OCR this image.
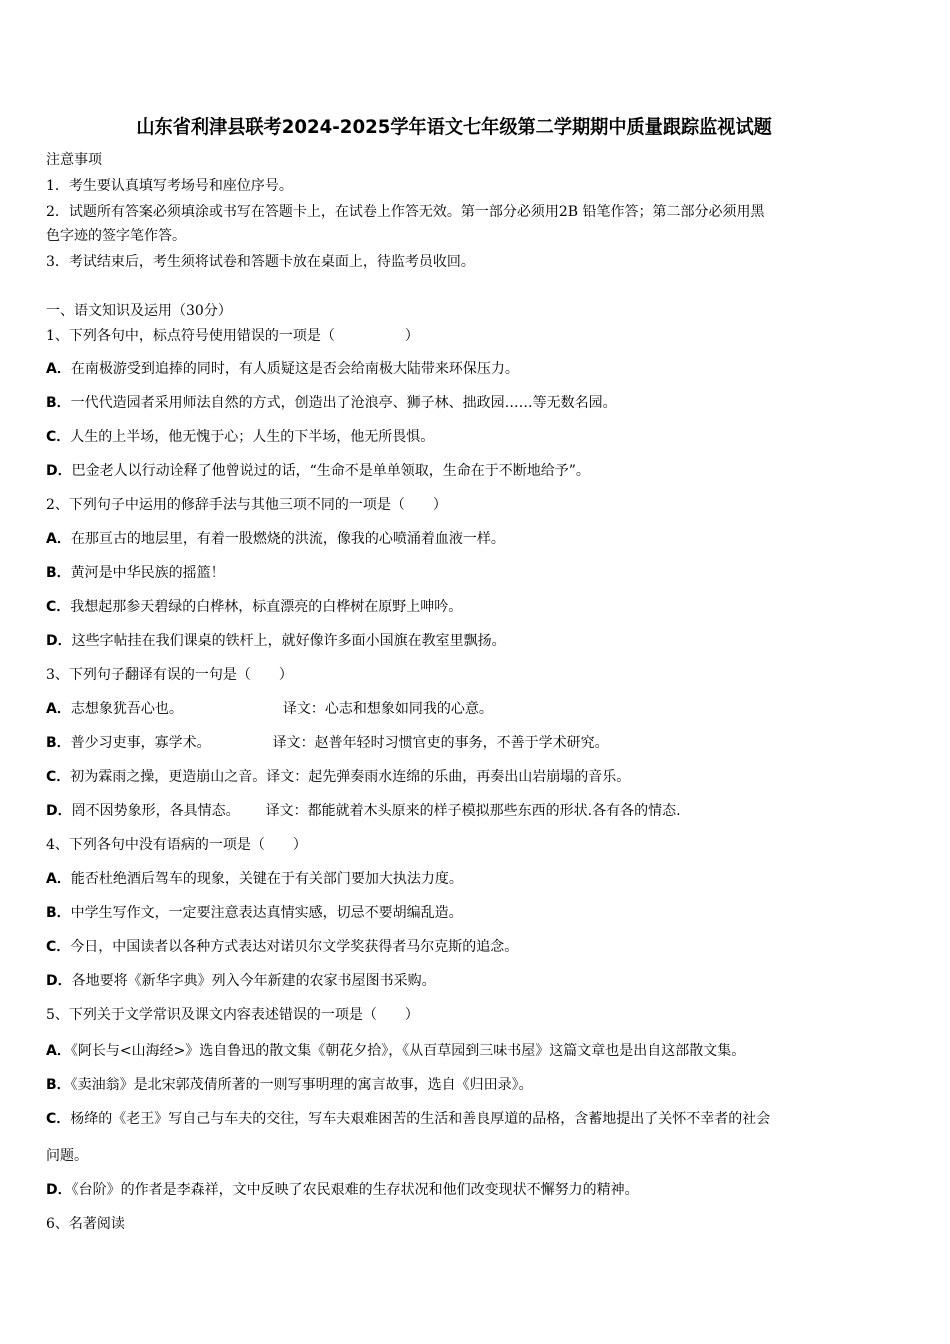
山东省利津县联考2024-2025学年语文七年级第二学期期中质量跟踪监视试题
注意事项
1．考生要认真填写考场号和座位序号。
2．试题所有答案必须填涂或书写在答题卡上，在试卷上作答无效。第一部分必须用2B 铅笔作答；第二部分必须用黑
色字迹的签字笔作答。
3．考试结束后，考生须将试卷和答题卡放在桌面上，待监考员收回。
一、语文知识及运用（30分）
1、下列各句中，标点符号使用错误的一项是（　　　　　）
A．在南极游受到追捧的同时，有人质疑这是否会给南极大陆带来环保压力。
B．一代代造园者采用师法自然的方式，创造出了沧浪亭、狮子林、拙政园……等无数名园。
C．人生的上半场，他无愧于心；人生的下半场，他无所畏惧。
D．巴金老人以行动诠释了他曾说过的话，“生命不是单单领取，生命在于不断地给予”。
2、下列句子中运用的修辞手法与其他三项不同的一项是（　　）
A．在那亘古的地层里，有着一股燃烧的洪流，像我的心喷涌着血液一样。
B．黄河是中华民族的摇篮！
C．我想起那参天碧绿的白桦林，标直漂亮的白桦树在原野上呻吟。
D．这些字帖挂在我们课桌的铁杆上，就好像许多面小国旗在教室里飘扬。
3、下列句子翻译有误的一句是（　　）
A．志想象犹吾心也。	译文：心志和想象如同我的心意。
B．普少习吏事，寡学术。	译文：赵普年轻时习惯官吏的事务，不善于学术研究。
C．初为霖雨之操，更造崩山之音。译文：起先弹奏雨水连绵的乐曲，再奏出山岩崩塌的音乐。
D．罔不因势象形，各具情态。 译文：都能就着木头原来的样子模拟那些东西的形状.各有各的情态.
4、下列各句中没有语病的一项是（　　）
A．能否杜绝酒后驾车的现象，关键在于有关部门要加大执法力度。
B．中学生写作文，一定要注意表达真情实感，切忌不要胡编乱造。
C．今日，中国读者以各种方式表达对诺贝尔文学奖获得者马尔克斯的追念。
D．各地要将《新华字典》列入今年新建的农家书屋图书采购。
5、下列关于文学常识及课文内容表述错误的一项是（　　）
A．《阿长与<山海经>》选自鲁迅的散文集《朝花夕拾》，《从百草园到三味书屋》这篇文章也是出自这部散文集。
B．《卖油翁》是北宋郭茂倩所著的一则写事明理的寓言故事，选自《归田录》。
C．杨绛的《老王》写自己与车夫的交往，写车夫艰难困苦的生活和善良厚道的品格，含蓄地提出了关怀不幸者的社会
问题。
D．《台阶》的作者是李森祥，文中反映了农民艰难的生存状况和他们改变现状不懈努力的精神。
6、名著阅读
